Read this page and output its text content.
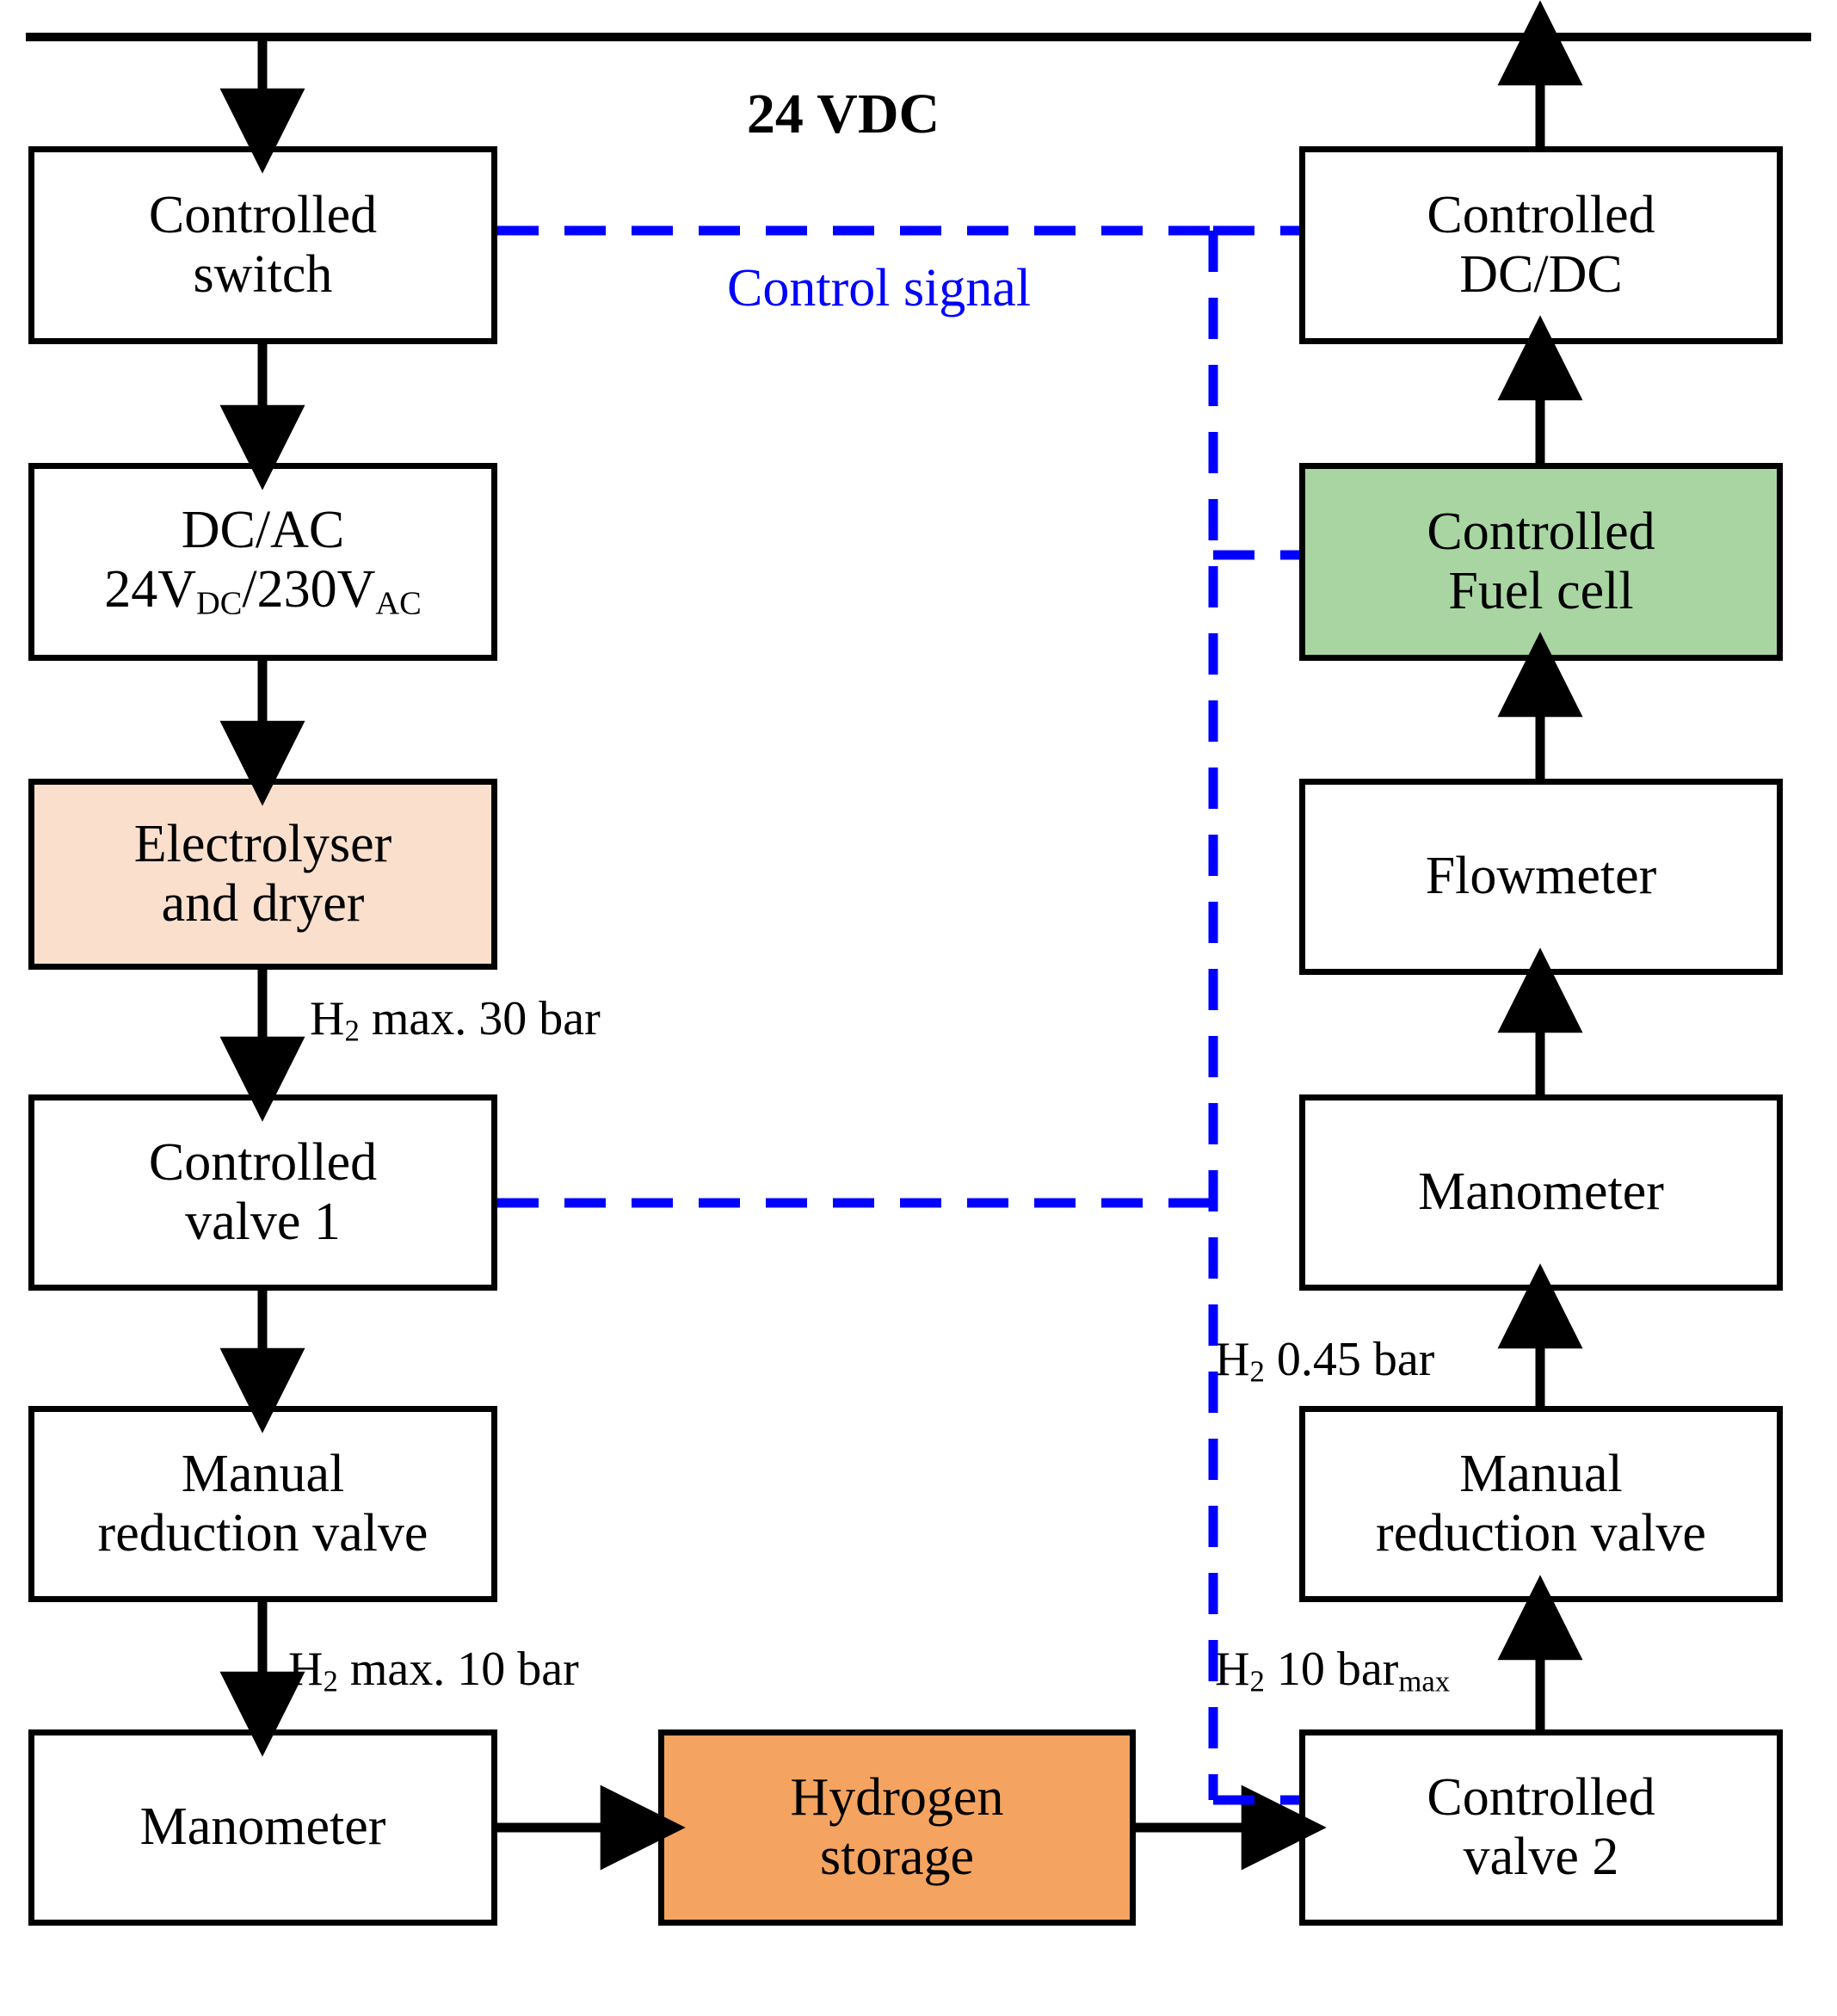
24 VDC
Control signal
Controlled
switch
DC/AC
$24V_{DC}/230V_{AC}$
Electrolyser
and dryer
Controlled
valve 1
Manual
reduction valve
Manometer
Hydrogen
storage
Controlled
valve 2
Manual
reduction valve
Manometer
Flowmeter
Controlled
Fuel cell
Controlled
DC/DC
$H_2$ max. 30 bar
$H_2$ max. 10 bar	$H_2$ 10 bar$_{max}$
$H_2$ 0.45 bar
